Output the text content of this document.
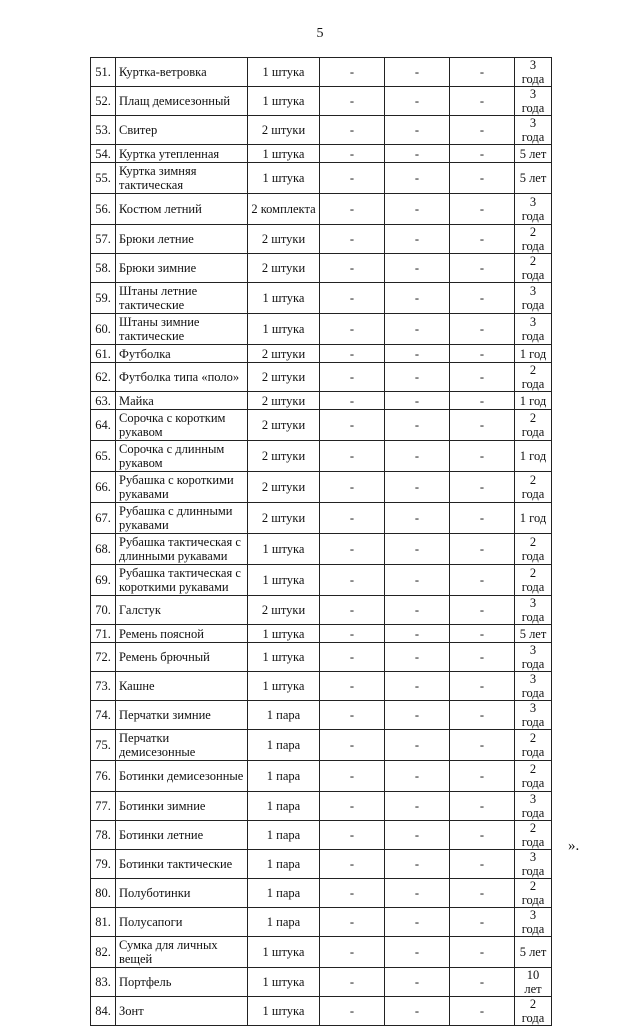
5
51.	Куртка-ветровка	1 штука	-	-	-	3 года
52.	Плащ демисезонный	1 штука	-	-	-	3 года
53.	Свитер	2 штуки	-	-	-	3 года
54.	Куртка утепленная	1 штука	-	-	-	5 лет
55.	Куртка зимняя тактическая	1 штука	-	-	-	5 лет
56.	Костюм летний	2 комплекта	-	-	-	3 года
57.	Брюки летние	2 штуки	-	-	-	2 года
58.	Брюки зимние	2 штуки	-	-	-	2 года
59.	Штаны летние тактические	1 штука	-	-	-	3 года
60.	Штаны зимние тактические	1 штука	-	-	-	3 года
61.	Футболка	2 штуки	-	-	-	1 год
62.	Футболка типа «поло»	2 штуки	-	-	-	2 года
63.	Майка	2 штуки	-	-	-	1 год
64.	Сорочка с коротким рукавом	2 штуки	-	-	-	2 года
65.	Сорочка с длинным рукавом	2 штуки	-	-	-	1 год
66.	Рубашка с короткими рукавами	2 штуки	-	-	-	2 года
67.	Рубашка с длинными рукавами	2 штуки	-	-	-	1 год
68.	Рубашка тактическая с длинными рукавами	1 штука	-	-	-	2 года
69.	Рубашка тактическая с короткими рукавами	1 штука	-	-	-	2 года
70.	Галстук	2 штуки	-	-	-	3 года
71.	Ремень поясной	1 штука	-	-	-	5 лет
72.	Ремень брючный	1 штука	-	-	-	3 года
73.	Кашне	1 штука	-	-	-	3 года
74.	Перчатки зимние	1 пара	-	-	-	3 года
75.	Перчатки демисезонные	1 пара	-	-	-	2 года
76.	Ботинки демисезонные	1 пара	-	-	-	2 года
77.	Ботинки зимние	1 пара	-	-	-	3 года
78.	Ботинки летние	1 пара	-	-	-	2 года
79.	Ботинки тактические	1 пара	-	-	-	3 года
80.	Полуботинки	1 пара	-	-	-	2 года
81.	Полусапоги	1 пара	-	-	-	3 года
82.	Сумка для личных вещей	1 штука	-	-	-	5 лет
83.	Портфель	1 штука	-	-	-	10 лет
84.	Зонт	1 штука	-	-	-	2 года
».
